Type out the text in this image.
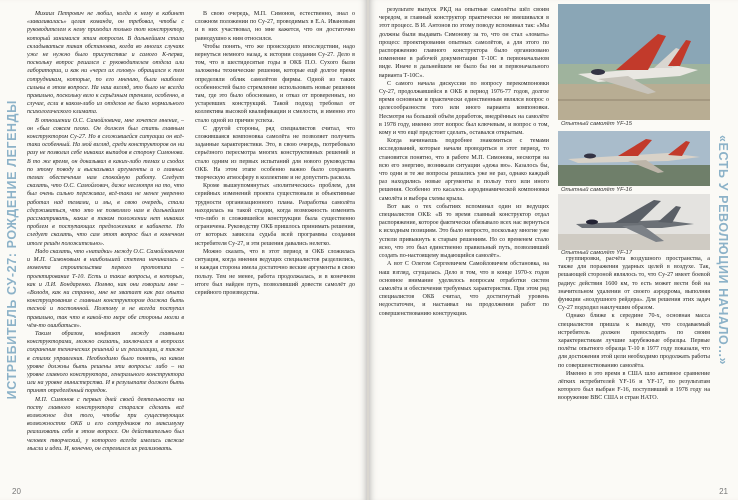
ИСТРЕБИТЕЛЬ СУ-27: РОЖДЕНИЕ ЛЕГЕНДЫ

Михаил Петрович не любил, когда к нему в кабинет «заваливалась» целая команда, он требовал, чтобы с руководителем к нему приходил только тот конструктор, который занимался этим вопросом. В дальнейшем стала складываться такая обстановка, когда во многих случаях уже не нужно было присутствие и самого К-пеpва, поскольку вопрос решался с руководителем отдела или лаборатории, и как ни «через их голову» обращался к тем сотрудникам, которые, по его мнению, были наиболее сильны в этом вопросе. На наш взгляд, это было не всегда правильно, поскольку вело к серьёзным трениям, особенно, в случае, если в каком-либо из отделов не было нормального психологического климата.

В отношении О.С. Самойловича, мне хочется мнение, – он «был совсем плохо. Он должен был стать главным конструктором Су-27. Но в сложившейся ситуации он всё-таки особенный. На мой взгляд, среди конструкторов он ни разу не позволил себе никаких выпадов в сторону Симонова. В то же время, он доказывал в каких-либо темах и сходах по этому поводу и высказывал аргументы и о главных темах обеспечения нам спокойную работу. Следует сказать, что О.С. Самойлович, даже несмотря на то, что был очень сильно переживал, всё-таки не менее уверенно работал над темами, и мы, в свою очередь, стали сдерживаться, что это не позволяло нам в дальнейшем рассматривать, какие в таком положении нет никаких проблем в поступающих предложениях в кабинете. Но следует сказать, что сам этот вопрос был в конечном итоге решён положительно».

Надо сказать, что «нападки» между О.С. Самойловичем и М.П. Симоновым в наибольшей степени начинались с момента строительства первого прототипа – проектирование Т-10. Есть и такие вопросы, в которых, как и Л.И. Бондаренко. Помню, как они говорили мне – «Володя, как ни странно, мне не хватает как раз опыта конструирования с главным конструктором должна быть тесной и постоянной. Поэтому я не всегда поступал правильно, так что в какой-то мере обе стороны могли в чём-то ошибаться».

Таким образом, конфликт между главными конструкторами, можно сказать, заключался в вопросах сохранения технических решений и их реализации, а также в стилях управления. Необходимо было понять, на каком уровне должны быть решены эти вопросы: либо – на уровне главного конструктора, генерального конструктора или на уровне министерства. И в результате должен быть принят определённый порядок.

М.П. Симонов с первых дней своей деятельности на посту главного конструктора старался сделать всё возможное для того, чтобы при существующих возможностях ОКБ и его сотрудников по максимуму реализовать себя в этом вопросе. Он действительно был человек творческий, у которого всегда имелись свежие мысли и идеи. И, конечно, он стремился их реализовать.

В свою очередь, М.П. Симонов, естественно, знал о сложном положении по Су-27, проводимых в Е.А. Ивановым и в них участвовал, но мне кажется, что он достаточно равнодушно к ним относился.

Чтобы понять, что же происходило впоследствии, надо вернуться немного назад, к истории создания Су-27. Дело в том, что в шестидесятые годы в ОКБ П.О. Сухого были заложены технические решения, которые ещё долгое время определяли облик самолётов фирмы. Одной из таких особенностей было стремление использовать новые решения там, где это было обосновано, и отказ от проверенных, но устаревших конструкций. Такой подход требовал от коллектива высокой квалификации и смелости, и именно это стало одной из причин успеха.

С другой стороны, ряд специалистов считал, что сложившаяся компоновка самолёта не позволяет получить заданные характеристики. Это, в свою очередь, потребовало серьёзного пересмотра многих конструктивных решений и стало одним из первых испытаний для нового руководства ОКБ. На этом этапе особенно важно было сохранить творческую атмосферу в коллективе и не допустить раскола.

Кроме вышеупомянутых «политических» проблем, для серийных изменений проекта существовали и объективные трудности организационного плана. Разработка самолёта находилась на такой стадии, когда возможность изменить что-либо в сложившейся конструкции была существенно ограничена. Руководству ОКБ пришлось принимать решения, от которых зависела судьба всей программы создания истребителя Су-27, и эти решения давались нелегко.

Можно сказать, что в этот период в ОКБ сложилась ситуация, когда мнения ведущих специалистов разделились, и каждая сторона имела достаточно веские аргументы в свою пользу. Тем не менее, работа продолжалась, и в конечном итоге был найден путь, позволивший довести самолёт до серийного производства.

20

результате выпуск РКД на опытные самолёты шёл своим чередом, и главный конструктор практически не вмешивался в этот процесс. В И. Антонов по этому поводу вспоминал так: «Мы должны были выдавать Симонову за то, что он стал «ломать» процесс проектирования опытных самолётов, а для этого по распоряжению главного конструктора было организовано изменение в рабочей документации Т-10С в первоначальном виде. Иначе в дальнейшем не было бы ни и первоначального варианта Т-10С».

С самого начала дискуссии по вопросу перекомпоновки Су-27, продолжавшейся в ОКБ в период 1976-77 годов, долгое время основным и практически единственным являлся вопрос о целесообразности того или иного варианта компоновки. Несмотря на большой объём доработок, внедрённых на самолёте в 1978 году, именно этот вопрос был ключевым, и вопрос о том, кому и что ещё предстоит сделать, оставался открытым.

Когда начинаешь подробнее знакомиться с темами исследований, которые начали проводиться в этот период, то становится понятно, что в работе М.П. Симонова, несмотря на всю его энергию, возникали ситуации «дежа вю». Казалось бы, что одни и те же вопросы решались уже не раз, однако каждый раз находились новые аргументы в пользу того или иного решения. Особенно это касалось аэродинамической компоновки самолёта и выбора схемы крыла.

Вот как о тех событиях вспоминал один из ведущих специалистов ОКБ: «В то время главный конструктор отдал распоряжение, которое фактически обязывало всех нас вернуться к исходным позициям. Это было непросто, поскольку многие уже успели привыкнуть к старым решениям. Но со временем стало ясно, что это был единственно правильный путь, позволивший создать по-настоящему выдающийся самолёт».

А вот С Олегом Сергеевичем Самойловичем обстановка, на наш взгляд, сгущалась. Дело в том, что в конце 1970-х годов основное внимание уделялось вопросам отработки систем самолёта и обеспечения требуемых характеристик. При этом ряд специалистов ОКБ считал, что достигнутый уровень недостаточен, и настаивал на продолжении работ по совершенствованию конструкции.

Опытный самолёт YF-15
Опытный самолёт YF-16
Опытный самолёт YF-17

группировки, расчёта воздушного пространства, а также для поражения ударных целей в воздухе. Так, решающей стороной являлось то, что Су-27 имеет боевой радиус действия 1600 км, то есть может вести бой на значительном удалении от своего аэродрома, выполняя функции «воздушного рейдера». Для решения этих задач Су-27 подходил наилучшим образом.

Однако ближе к середине 70-х, основная масса специалистов пришла к выводу, что создаваемый истребитель должен превосходить по своим характеристикам лучшие зарубежные образцы. Первые полёты опытного образца Т-10 в 1977 году показали, что для достижения этой цели необходимо продолжать работы по совершенствованию самолёта.

Именно в это время в США шло активное сравнение лёгких истребителей YF-16 и YF-17, по результатам которого был выбран F-16, поступивший в 1978 году на вооружение ВВС США и стран НАТО.

«ЕСТЬ У РЕВОЛЮЦИИ НАЧАЛО...»
21
